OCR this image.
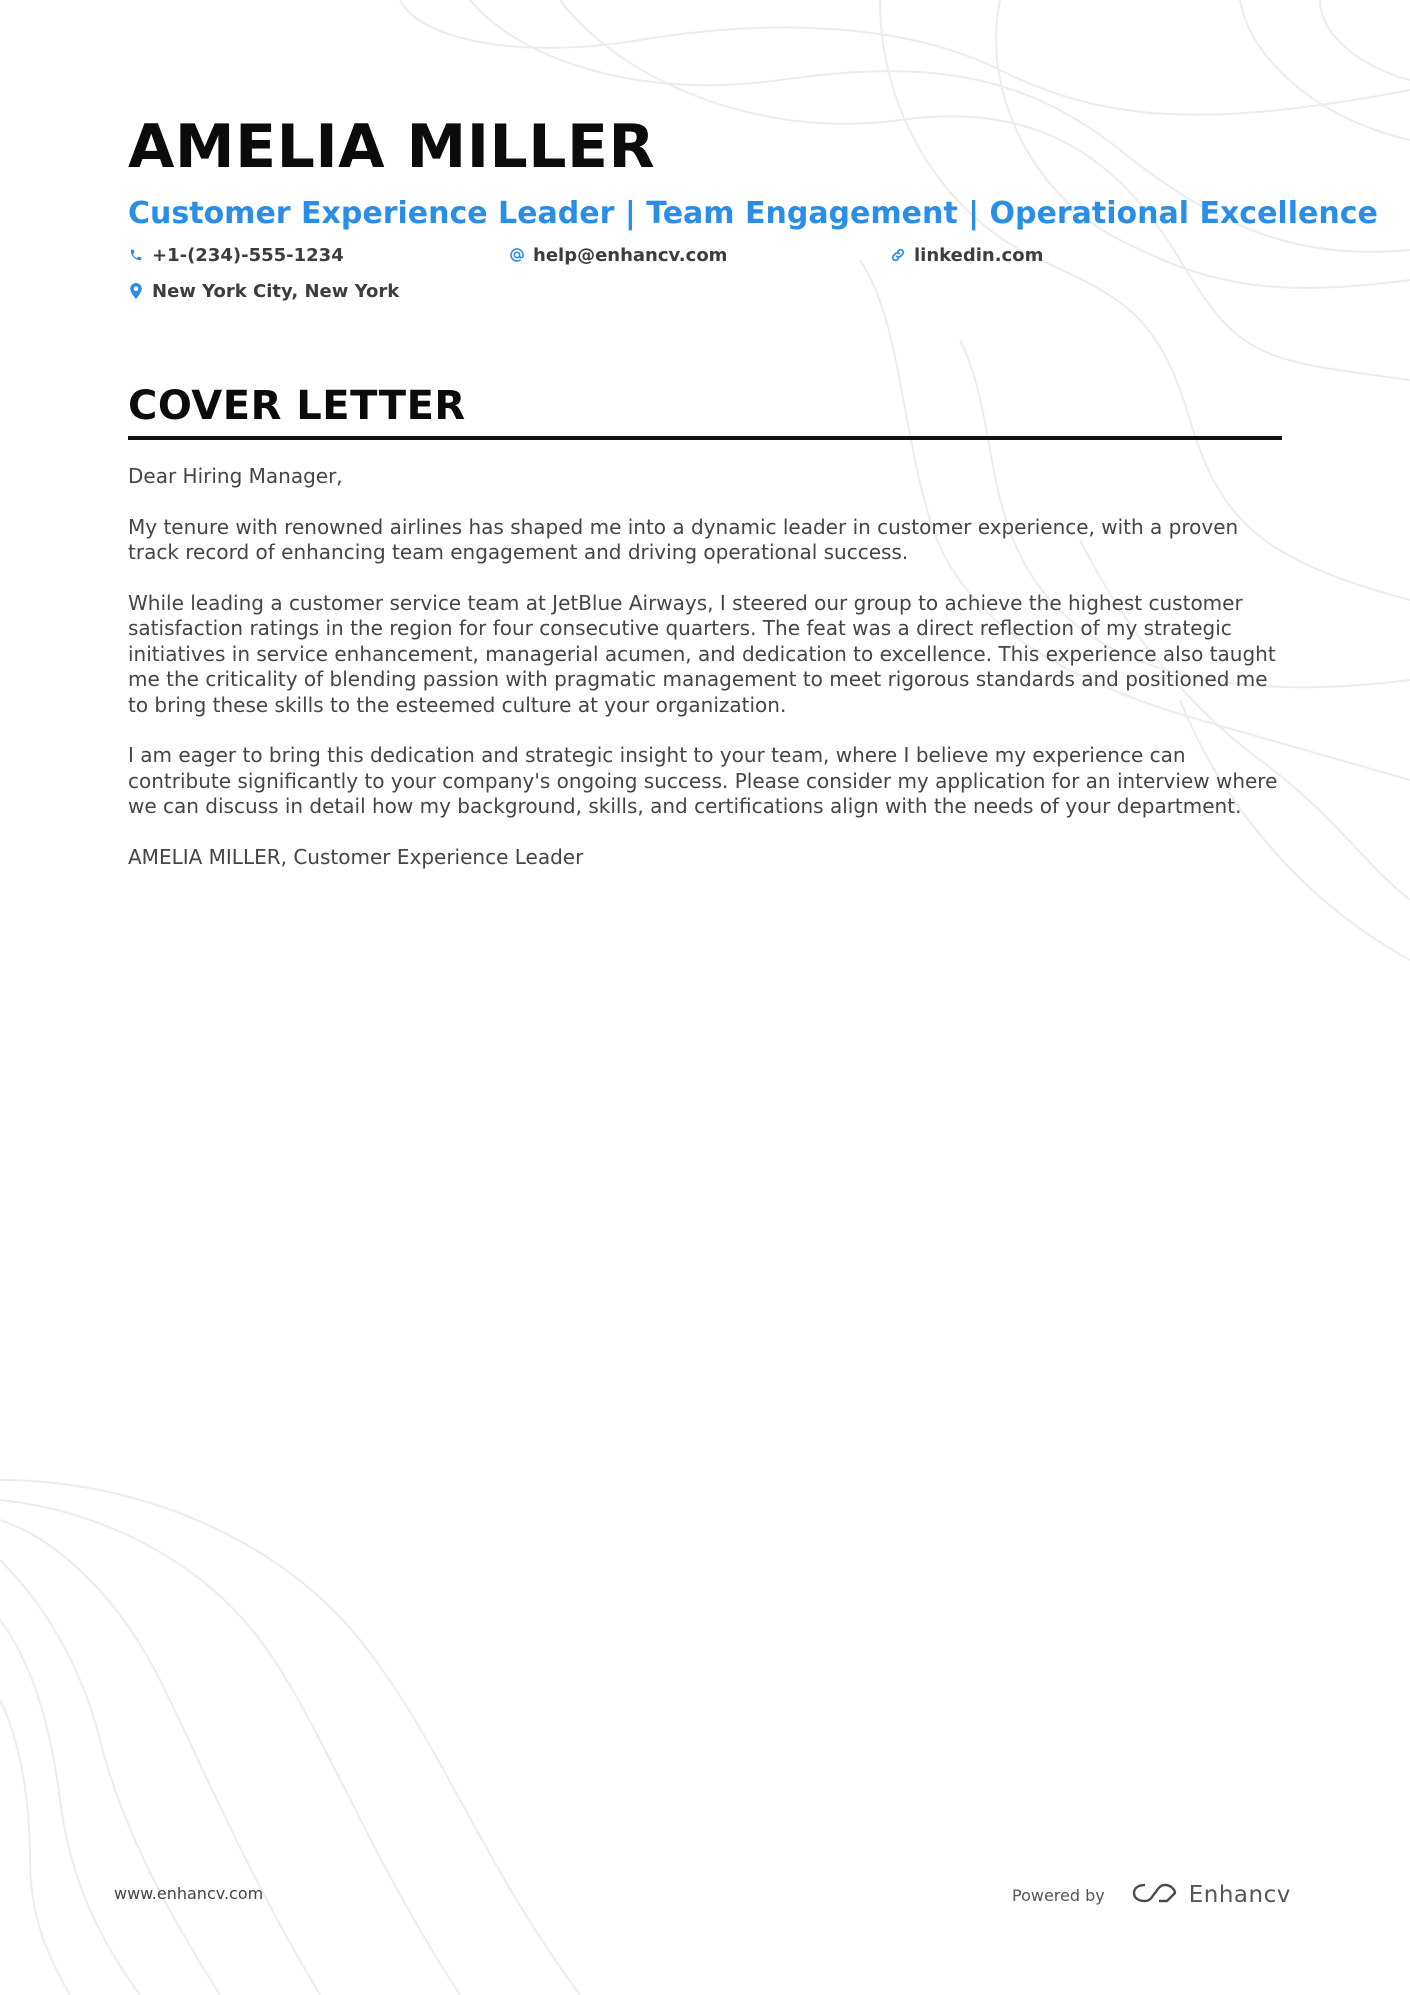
AMELIA MILLER
Customer Experience Leader | Team Engagement | Operational Excellence
+1-(234)-555-1234	help@enhancv.com	linkedin.com
New York City, New York
COVER LETTER

Dear Hiring Manager,

My tenure with renowned airlines has shaped me into a dynamic leader in customer experience, with a proven track record of enhancing team engagement and driving operational success.

While leading a customer service team at JetBlue Airways, I steered our group to achieve the highest customer satisfaction ratings in the region for four consecutive quarters. The feat was a direct reflection of my strategic initiatives in service enhancement, managerial acumen, and dedication to excellence. This experience also taught me the criticality of blending passion with pragmatic management to meet rigorous standards and positioned me to bring these skills to the esteemed culture at your organization.

I am eager to bring this dedication and strategic insight to your team, where I believe my experience can contribute significantly to your company's ongoing success. Please consider my application for an interview where we can discuss in detail how my background, skills, and certifications align with the needs of your department.

AMELIA MILLER, Customer Experience Leader

www.enhancv.com	Powered by	Enhancv
